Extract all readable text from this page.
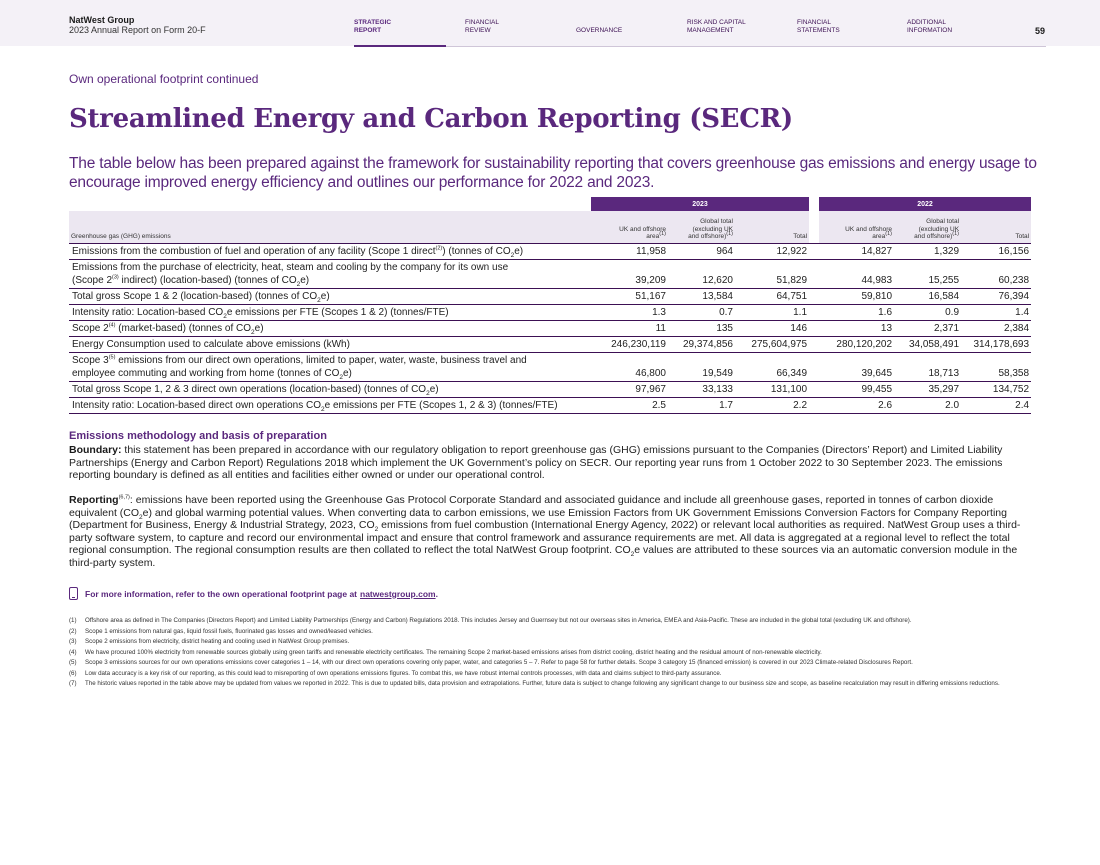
NatWest Group
2023 Annual Report on Form 20-F
STRATEGIC
REPORT
FINANCIAL
REVIEW	GOVERNANCE
RISK AND CAPITAL
MANAGEMENT
FINANCIAL
STATEMENTS
ADDITIONAL
INFORMATION	59
Own operational footprint continued
Streamlined Energy and Carbon Reporting (SECR)
The table below has been prepared against the framework for sustainability reporting that covers greenhouse gas emissions and energy usage to encourage improved energy efficiency and outlines our performance for 2022 and 2023.
	2023				2022		
Greenhouse gas (GHG) emissions	UK and offshore
area$^{(1)}$	Global total
(excluding UK
and offshore)$^{(1)}$	Total		UK and offshore
area$^{(1)}$	Global total
(excluding UK
and offshore)$^{(1)}$	Total
Emissions from the combustion of fuel and operation of any facility (Scope 1 direct$^{(2)}$) (tonnes of $CO_2e$)	11,958	964	12,922		14,827	1,329	16,156
Emissions from the purchase of electricity, heat, steam and cooling by the company for its own use
(Scope 2$^{(3)}$ indirect) (location-based) (tonnes of $CO_2e$)	39,209	12,620	51,829		44,983	15,255	60,238
Total gross Scope 1 & 2 (location-based) (tonnes of $CO_2e$)	51,167	13,584	64,751		59,810	16,584	76,394
Intensity ratio: Location-based $CO_2e$ emissions per FTE (Scopes 1 & 2) (tonnes/FTE)	1.3	0.7	1.1		1.6	0.9	1.4
Scope 2$^{(4)}$ (market-based) (tonnes of $CO_2e$)	11	135	146		13	2,371	2,384
Energy Consumption used to calculate above emissions (kWh)	246,230,119	29,374,856	275,604,975		280,120,202	34,058,491	314,178,693
Scope 3$^{(5)}$ emissions from our direct own operations, limited to paper, water, waste, business travel and
employee commuting and working from home (tonnes of $CO_2e$)	46,800	19,549	66,349		39,645	18,713	58,358
Total gross Scope 1, 2 & 3 direct own operations (location-based) (tonnes of $CO_2e$)	97,967	33,133	131,100		99,455	35,297	134,752
Intensity ratio: Location-based direct own operations $CO_2e$ emissions per FTE (Scopes 1, 2 & 3) (tonnes/FTE)	2.5	1.7	2.2		2.6	2.0	2.4
Emissions methodology and basis of preparation
Boundary: this statement has been prepared in accordance with our regulatory obligation to report greenhouse gas (GHG) emissions pursuant to the Companies (Directors’ Report) and Limited Liability Partnerships (Energy and Carbon Report) Regulations 2018 which implement the UK Government’s policy on SECR. Our reporting year runs from 1 October 2022 to 30 September 2023. The emissions reporting boundary is defined as all entities and facilities either owned or under our operational control.
Reporting$^{(6,7)}$: emissions have been reported using the Greenhouse Gas Protocol Corporate Standard and associated guidance and include all greenhouse gases, reported in tonnes of carbon dioxide equivalent $(CO_2e)$ and global warming potential values. When converting data to carbon emissions, we use Emission Factors from UK Government Emissions Conversion Factors for Company Reporting (Department for Business, Energy & Industrial Strategy, 2023, $CO_2$ emissions from fuel combustion (International Energy Agency, 2022) or relevant local authorities as required. NatWest Group uses a third-party software system, to capture and record our environmental impact and ensure that control framework and assurance requirements are met. All data is aggregated at a regional level to reflect the total regional consumption. The regional consumption results are then collated to reflect the total NatWest Group footprint. $CO_2e$ values are attributed to these sources via an automatic conversion module in the third-party system.
For more information, refer to the own operational footprint page at natwestgroup.com .
(1)	Offshore area as defined in The Companies (Directors Report) and Limited Liability Partnerships (Energy and Carbon) Regulations 2018. This includes Jersey and Guernsey but not our overseas sites in America, EMEA and Asia-Pacific. These are included in the global total (excluding UK and offshore).
(2)	Scope 1 emissions from natural gas, liquid fossil fuels, fluorinated gas losses and owned/leased vehicles.
(3)	Scope 2 emissions from electricity, district heating and cooling used in NatWest Group premises.
(4)	We have procured 100% electricity from renewable sources globally using green tariffs and renewable electricity certificates. The remaining Scope 2 market-based emissions arises from district cooling, district heating and the residual amount of non-renewable electricity.
(5)	Scope 3 emissions sources for our own operations emissions cover categories 1 – 14, with our direct own operations covering only paper, water, and categories 5 – 7. Refer to page 58 for further details. Scope 3 category 15 (financed emission) is covered in our 2023 Climate-related Disclosures Report.
(6)	Low data accuracy is a key risk of our reporting, as this could lead to misreporting of own operations emissions figures. To combat this, we have robust internal controls processes, with data and claims subject to third-party assurance.
(7)	The historic values reported in the table above may be updated from values we reported in 2022. This is due to updated bills, data provision and extrapolations. Further, future data is subject to change following any significant change to our business size and scope, as baseline recalculation may result in differing emissions reductions.
